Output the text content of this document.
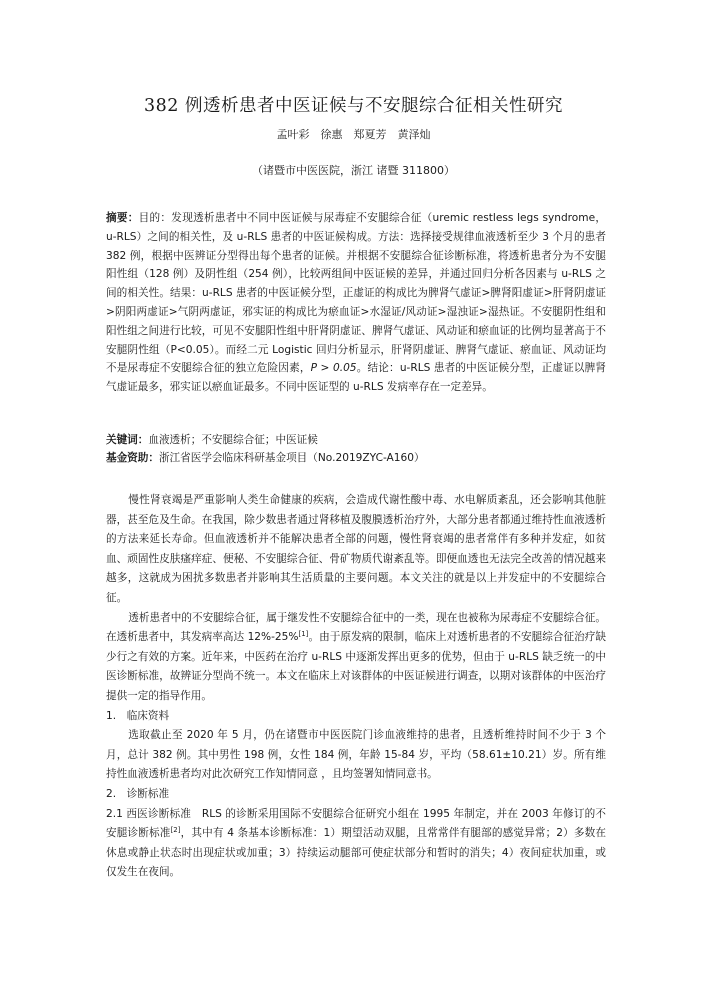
382 例透析患者中医证候与不安腿综合征相关性研究
孟叶彩　徐惠　郑夏芳　黄泽灿
（诸暨市中医医院，浙江 诸暨 311800）
摘要：目的：发现透析患者中不同中医证候与尿毒症不安腿综合征（uremic restless legs syndrome，u-RLS）之间的相关性，及 u-RLS 患者的中医证候构成。方法：选择接受规律血液透析至少 3 个月的患者 382 例，根据中医辨证分型得出每个患者的证候。并根据不安腿综合征诊断标准，将透析患者分为不安腿阳性组（128 例）及阴性组（254 例），比较两组间中医证候的差异，并通过回归分析各因素与 u-RLS 之间的相关性。结果：u-RLS 患者的中医证候分型，正虚证的构成比为脾肾气虚证>脾肾阳虚证>肝肾阴虚证>阴阳两虚证>气阴两虚证，邪实证的构成比为瘀血证>水湿证/风动证>湿浊证>湿热证。不安腿阴性组和阳性组之间进行比较，可见不安腿阳性组中肝肾阴虚证、脾肾气虚证、风动证和瘀血证的比例均显著高于不安腿阴性组（P<0.05）。而经二元 Logistic 回归分析显示，肝肾阴虚证、脾肾气虚证、瘀血证、风动证均不是尿毒症不安腿综合征的独立危险因素，P > 0.05。结论：u-RLS 患者的中医证候分型，正虚证以脾肾气虚证最多，邪实证以瘀血证最多。不同中医证型的 u-RLS 发病率存在一定差异。
关键词：血液透析；不安腿综合征；中医证候
基金资助：浙江省医学会临床科研基金项目（No.2019ZYC-A160）

慢性肾衰竭是严重影响人类生命健康的疾病，会造成代谢性酸中毒、水电解质紊乱，还会影响其他脏器，甚至危及生命。在我国，除少数患者通过肾移植及腹膜透析治疗外，大部分患者都通过维持性血液透析的方法来延长寿命。但血液透析并不能解决患者全部的问题，慢性肾衰竭的患者常伴有多种并发症，如贫血、顽固性皮肤瘙痒症、便秘、不安腿综合征、骨矿物质代谢紊乱等。即便血透也无法完全改善的情况越来越多，这就成为困扰多数患者并影响其生活质量的主要问题。本文关注的就是以上并发症中的不安腿综合征。

透析患者中的不安腿综合征，属于继发性不安腿综合征中的一类，现在也被称为尿毒症不安腿综合征。在透析患者中，其发病率高达 12%-25%[1]。由于原发病的限制，临床上对透析患者的不安腿综合征治疗缺少行之有效的方案。近年来，中医药在治疗 u-RLS 中逐渐发挥出更多的优势，但由于 u-RLS 缺乏统一的中医诊断标准，故辨证分型尚不统一。本文在临床上对该群体的中医证候进行调查，以期对该群体的中医治疗提供一定的指导作用。

1.　临床资料

选取截止至 2020 年 5 月，仍在诸暨市中医医院门诊血液维持的患者，且透析维持时间不少于 3 个月，总计 382 例。其中男性 198 例，女性 184 例，年龄 15-84 岁，平均（58.61±10.21）岁。所有维持性血液透析患者均对此次研究工作知情同意 ，且均签署知情同意书。

2.　诊断标准

2.1 西医诊断标准　RLS 的诊断采用国际不安腿综合征研究小组在 1995 年制定，并在 2003 年修订的不安腿诊断标准[2]，其中有 4 条基本诊断标准：1）期望活动双腿，且常常伴有腿部的感觉异常；2）多数在休息或静止状态时出现症状或加重；3）持续运动腿部可使症状部分和暂时的消失；4）夜间症状加重，或仅发生在夜间。
